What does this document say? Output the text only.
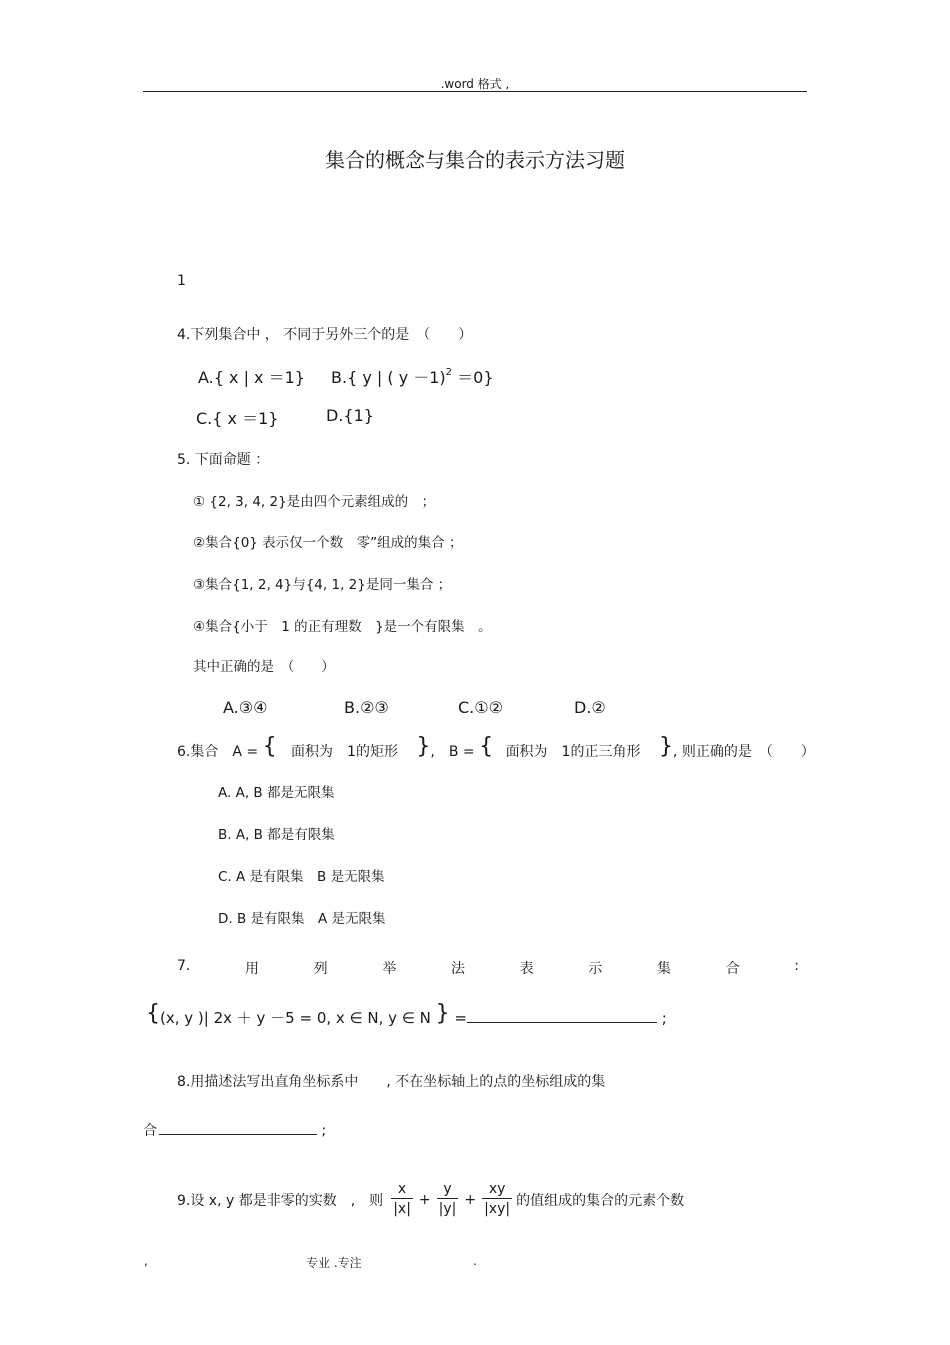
.word 格式 ,
集合的概念与集合的表示方法习题
1
4.下列集合中 ， 不同于另外三个的是　（　　）
A.{ x | x ＝1} B.{ y | ( y －1)$^2$ ＝0}
C.{ x ＝1}	D.{1}
5. 下面命题 ：
① {2, 3, 4, 2}是由四个元素组成的　；
②集合{0} 表示仅一个数　零”组成的集合 ；
③集合{1, 2, 4}与{4, 1, 2}是同一集合 ；
④集合{小于　1 的正有理数　}是一个有限集　。
其中正确的是　（　　）
A.③④	B.②③	C.①②	D.②
6.集合　A = { 面积为　1的矩形 },　B = { 面积为　1的正三角形 }, 则正确的是　（　　）
A. A, B 都是无限集
B. A, B 都是有限集
C. A 是有限集　B 是无限集
D. B 是有限集　A 是无限集
7.	用	列	举	法	表	示	集	合	:
{(x, y )| 2x ＋ y －5 = 0, x ∈ N, y ∈ N } =	;
8.用描述法写出直角坐标系中　　, 不在坐标轴上的点的坐标组成的集
合	;
9.设 x, y 都是非零的实数　,　则 $\frac{x}{|x|} + \frac{y}{|y|} + \frac{xy}{|xy|}$ 的值组成的集合的元素个数
,	专业 .专注	.
